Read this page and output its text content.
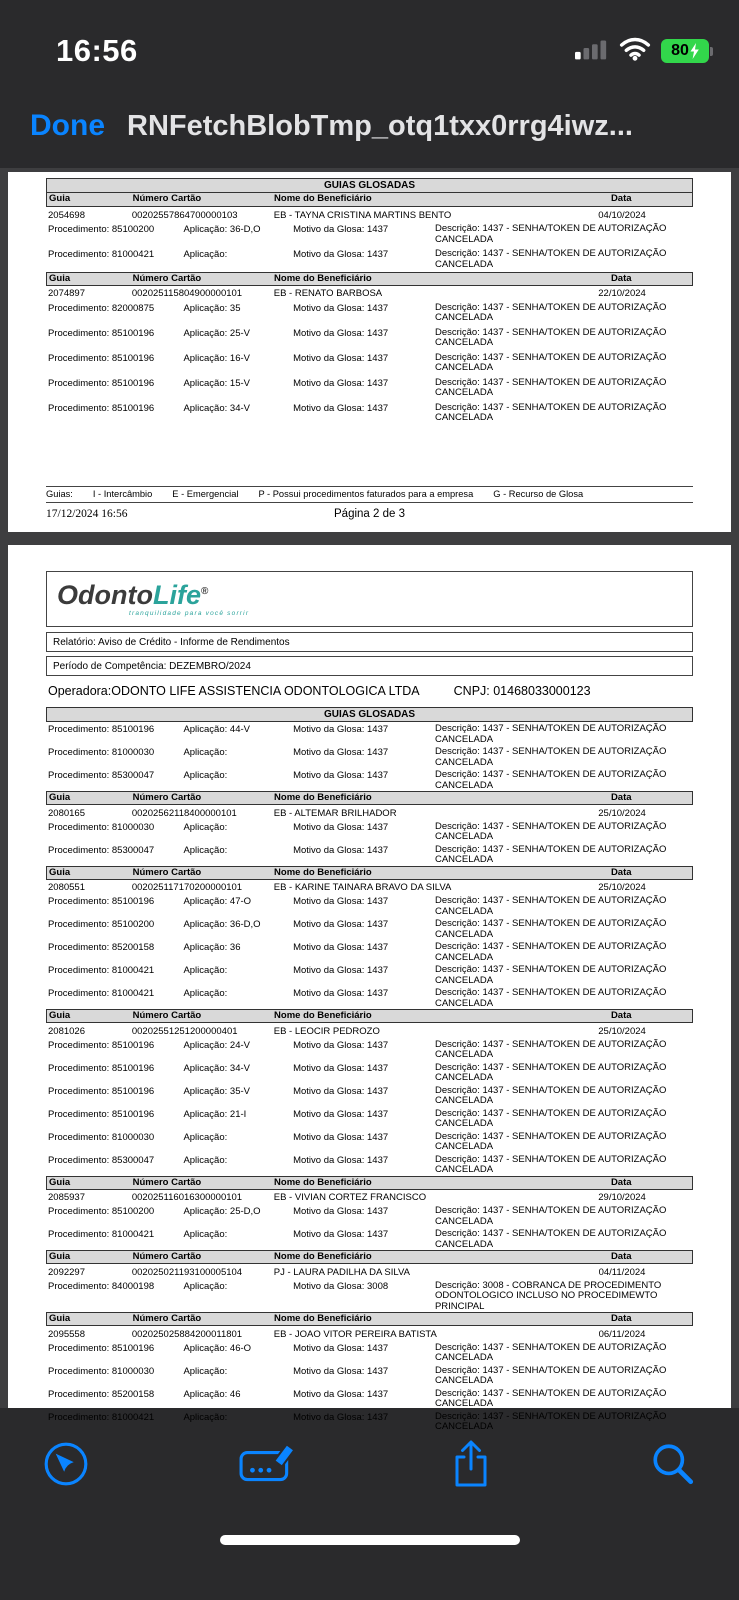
16:56	80
Done RNFetchBlobTmp_otq1txx0rrg4iwz...
GUIAS GLOSADAS
Guia	Número Cartão	Nome do Beneficiário	Data
2054698	00202557864700000103	EB - TAYNA CRISTINA MARTINS BENTO	04/10/2024
Procedimento: 85100200	Aplicação: 36-D,O	Motivo da Glosa: 1437	Descrição: 1437 - SENHA/TOKEN DE AUTORIZAÇÃO CANCELADA
Procedimento: 81000421	Aplicação:	Motivo da Glosa: 1437	Descrição: 1437 - SENHA/TOKEN DE AUTORIZAÇÃO CANCELADA
Guia	Número Cartão	Nome do Beneficiário	Data
2074897	002025115804900000101	EB - RENATO BARBOSA	22/10/2024
Procedimento: 82000875	Aplicação: 35	Motivo da Glosa: 1437	Descrição: 1437 - SENHA/TOKEN DE AUTORIZAÇÃO CANCELADA
Procedimento: 85100196	Aplicação: 25-V	Motivo da Glosa: 1437	Descrição: 1437 - SENHA/TOKEN DE AUTORIZAÇÃO CANCELADA
Procedimento: 85100196	Aplicação: 16-V	Motivo da Glosa: 1437	Descrição: 1437 - SENHA/TOKEN DE AUTORIZAÇÃO CANCELADA
Procedimento: 85100196	Aplicação: 15-V	Motivo da Glosa: 1437	Descrição: 1437 - SENHA/TOKEN DE AUTORIZAÇÃO CANCELADA
Procedimento: 85100196	Aplicação: 34-V	Motivo da Glosa: 1437	Descrição: 1437 - SENHA/TOKEN DE AUTORIZAÇÃO CANCELADA
Guias: I - Intercâmbio E - Emergencial P - Possui procedimentos faturados para a empresa G - Recurso de Glosa
17/12/2024 16:56	Página 2 de 3
OdontoLife®
tranquilidade para você sorrir
Relatório: Aviso de Crédito - Informe de Rendimentos
Período de Competência: DEZEMBRO/2024
Operadora:ODONTO LIFE ASSISTENCIA ODONTOLOGICA LTDA	CNPJ: 01468033000123
GUIAS GLOSADAS
Procedimento: 85100196	Aplicação: 44-V	Motivo da Glosa: 1437	Descrição: 1437 - SENHA/TOKEN DE AUTORIZAÇÃO CANCELADA
Procedimento: 81000030	Aplicação:	Motivo da Glosa: 1437	Descrição: 1437 - SENHA/TOKEN DE AUTORIZAÇÃO CANCELADA
Procedimento: 85300047	Aplicação:	Motivo da Glosa: 1437	Descrição: 1437 - SENHA/TOKEN DE AUTORIZAÇÃO CANCELADA
Guia	Número Cartão	Nome do Beneficiário	Data
2080165	00202562118400000101	EB - ALTEMAR BRILHADOR	25/10/2024
Procedimento: 81000030	Aplicação:	Motivo da Glosa: 1437	Descrição: 1437 - SENHA/TOKEN DE AUTORIZAÇÃO CANCELADA
Procedimento: 85300047	Aplicação:	Motivo da Glosa: 1437	Descrição: 1437 - SENHA/TOKEN DE AUTORIZAÇÃO CANCELADA
Guia	Número Cartão	Nome do Beneficiário	Data
2080551	002025117170200000101	EB - KARINE TAINARA BRAVO DA SILVA	25/10/2024
Procedimento: 85100196	Aplicação: 47-O	Motivo da Glosa: 1437	Descrição: 1437 - SENHA/TOKEN DE AUTORIZAÇÃO CANCELADA
Procedimento: 85100200	Aplicação: 36-D,O	Motivo da Glosa: 1437	Descrição: 1437 - SENHA/TOKEN DE AUTORIZAÇÃO CANCELADA
Procedimento: 85200158	Aplicação: 36	Motivo da Glosa: 1437	Descrição: 1437 - SENHA/TOKEN DE AUTORIZAÇÃO CANCELADA
Procedimento: 81000421	Aplicação:	Motivo da Glosa: 1437	Descrição: 1437 - SENHA/TOKEN DE AUTORIZAÇÃO CANCELADA
Procedimento: 81000421	Aplicação:	Motivo da Glosa: 1437	Descrição: 1437 - SENHA/TOKEN DE AUTORIZAÇÃO CANCELADA
Guia	Número Cartão	Nome do Beneficiário	Data
2081026	00202551251200000401	EB - LEOCIR PEDROZO	25/10/2024
Procedimento: 85100196	Aplicação: 24-V	Motivo da Glosa: 1437	Descrição: 1437 - SENHA/TOKEN DE AUTORIZAÇÃO CANCELADA
Procedimento: 85100196	Aplicação: 34-V	Motivo da Glosa: 1437	Descrição: 1437 - SENHA/TOKEN DE AUTORIZAÇÃO CANCELADA
Procedimento: 85100196	Aplicação: 35-V	Motivo da Glosa: 1437	Descrição: 1437 - SENHA/TOKEN DE AUTORIZAÇÃO CANCELADA
Procedimento: 85100196	Aplicação: 21-I	Motivo da Glosa: 1437	Descrição: 1437 - SENHA/TOKEN DE AUTORIZAÇÃO CANCELADA
Procedimento: 81000030	Aplicação:	Motivo da Glosa: 1437	Descrição: 1437 - SENHA/TOKEN DE AUTORIZAÇÃO CANCELADA
Procedimento: 85300047	Aplicação:	Motivo da Glosa: 1437	Descrição: 1437 - SENHA/TOKEN DE AUTORIZAÇÃO CANCELADA
Guia	Número Cartão	Nome do Beneficiário	Data
2085937	002025116016300000101	EB - VIVIAN CORTEZ FRANCISCO	29/10/2024
Procedimento: 85100200	Aplicação: 25-D,O	Motivo da Glosa: 1437	Descrição: 1437 - SENHA/TOKEN DE AUTORIZAÇÃO CANCELADA
Procedimento: 81000421	Aplicação:	Motivo da Glosa: 1437	Descrição: 1437 - SENHA/TOKEN DE AUTORIZAÇÃO CANCELADA
Guia	Número Cartão	Nome do Beneficiário	Data
2092297	002025021193100005104	PJ - LAURA PADILHA DA SILVA	04/11/2024
Procedimento: 84000198	Aplicação:	Motivo da Glosa: 3008	Descrição: 3008 - COBRANCA DE PROCEDIMENTO ODONTOLOGICO INCLUSO NO PROCEDIMEWTO PRINCIPAL
Guia	Número Cartão	Nome do Beneficiário	Data
2095558	002025025884200011801	EB - JOAO VITOR PEREIRA BATISTA	06/11/2024
Procedimento: 85100196	Aplicação: 46-O	Motivo da Glosa: 1437	Descrição: 1437 - SENHA/TOKEN DE AUTORIZAÇÃO CANCELADA
Procedimento: 81000030	Aplicação:	Motivo da Glosa: 1437	Descrição: 1437 - SENHA/TOKEN DE AUTORIZAÇÃO CANCELADA
Procedimento: 85200158	Aplicação: 46	Motivo da Glosa: 1437	Descrição: 1437 - SENHA/TOKEN DE AUTORIZAÇÃO CANCELADA
Procedimento: 81000421	Aplicação:	Motivo da Glosa: 1437	Descrição: 1437 - SENHA/TOKEN DE AUTORIZAÇÃO CANCELADA
